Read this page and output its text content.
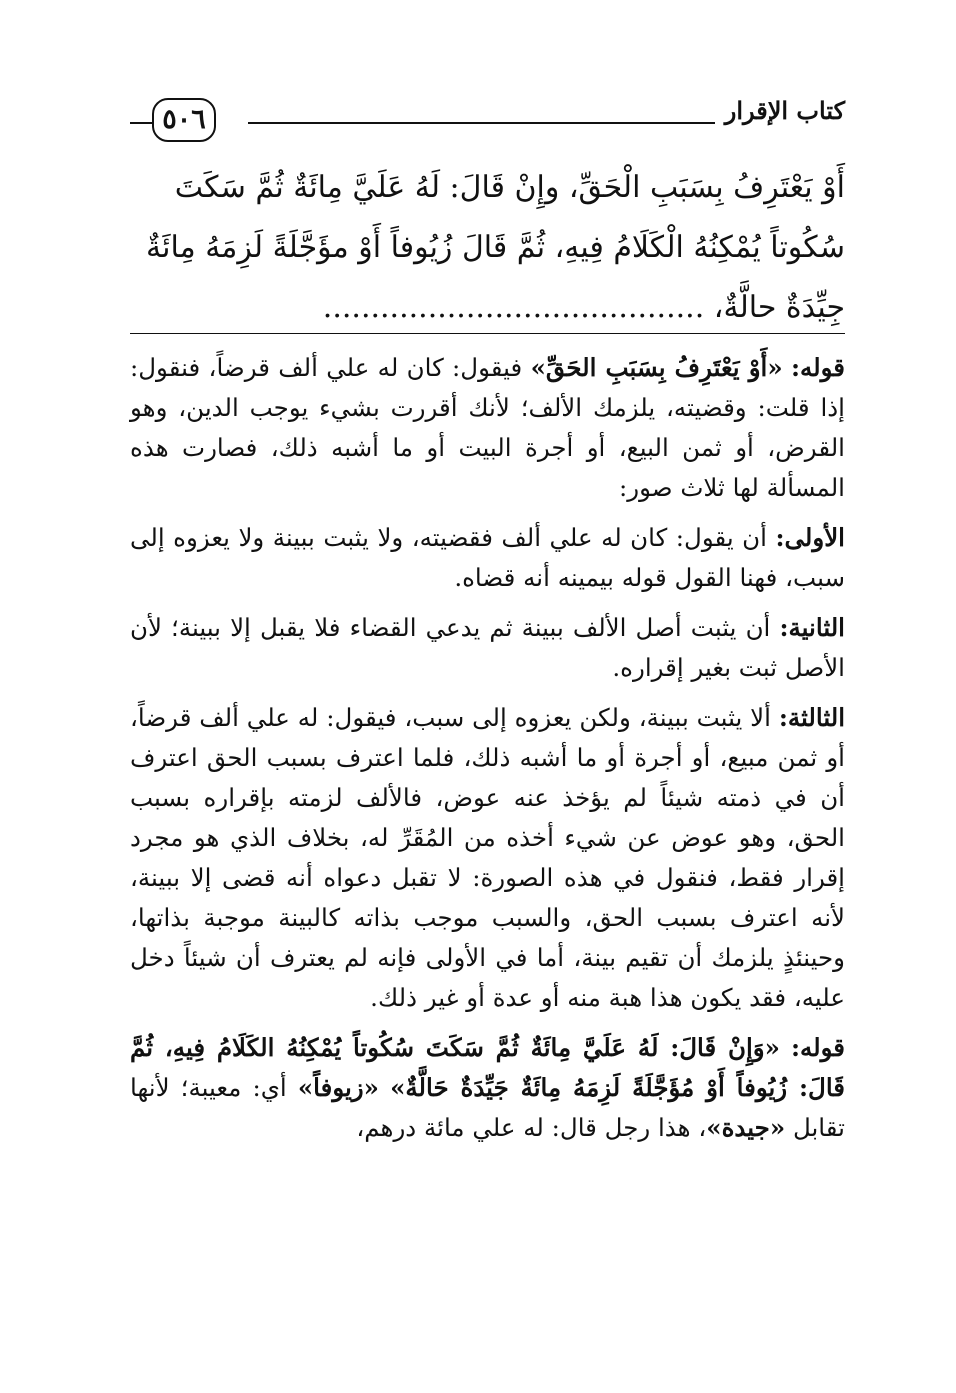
٥٠٦	كتاب الإقرار
أَوْ يَعْتَرِفُ بِسَبَبِ الْحَقِّ، وإِنْ قَالَ: لَهُ عَلَيَّ مِائَةٌ ثُمَّ سَكَتَ
سُكُوتاً يُمْكِنُهُ الْكَلَامُ فِيهِ، ثُمَّ قَالَ زُيُوفاً أَوْ مؤَجَّلَةً لَزِمَهُ مِائَةٌ
جِيِّدَةٌ حالَّةٌ، ........................................

قوله: «أَوْ يَعْتَرِفُ بِسَبَبِ الحَقِّ» فيقول: كان له علي ألف قرضاً، فنقول: إذا قلت: وقضيته، يلزمك الألف؛ لأنك أقررت بشيء يوجب الدين، وهو القرض، أو ثمن البيع، أو أجرة البيت أو ما أشبه ذلك، فصارت هذه المسألة لها ثلاث صور:

الأولى: أن يقول: كان له علي ألف فقضيته، ولا يثبت ببينة ولا يعزوه إلى سبب، فهنا القول قوله بيمينه أنه قضاه.

الثانية: أن يثبت أصل الألف ببينة ثم يدعي القضاء فلا يقبل إلا ببينة؛ لأن الأصل ثبت بغير إقراره.

الثالثة: ألا يثبت ببينة، ولكن يعزوه إلى سبب، فيقول: له علي ألف قرضاً، أو ثمن مبيع، أو أجرة أو ما أشبه ذلك، فلما اعترف بسبب الحق اعترف أن في ذمته شيئاً لم يؤخذ عنه عوض، فالألف لزمته بإقراره بسبب الحق، وهو عوض عن شيء أخذه من المُقَرِّ له، بخلاف الذي هو مجرد إقرار فقط، فنقول في هذه الصورة: لا تقبل دعواه أنه قضى إلا ببينة، لأنه اعترف بسبب الحق، والسبب موجب بذاته كالبينة موجبة بذاتها، وحينئذٍ يلزمك أن تقيم بينة، أما في الأولى فإنه لم يعترف أن شيئاً دخل عليه، فقد يكون هذا هبة منه أو عدة أو غير ذلك.

قوله: «وَإِنْ قَالَ: لَهُ عَلَيَّ مِائَةٌ ثُمَّ سَكَتَ سُكُوتاً يُمْكِنُهُ الكَلَامُ فِيهِ، ثُمَّ قَالَ: زُيُوفاً أَوْ مُؤَجَّلَةً لَزِمَهُ مِائَةٌ جَيِّدَةٌ حَالَّةٌ» «زيوفاً» أي: معيبة؛ لأنها تقابل «جيدة»، هذا رجل قال: له علي مائة درهم،
